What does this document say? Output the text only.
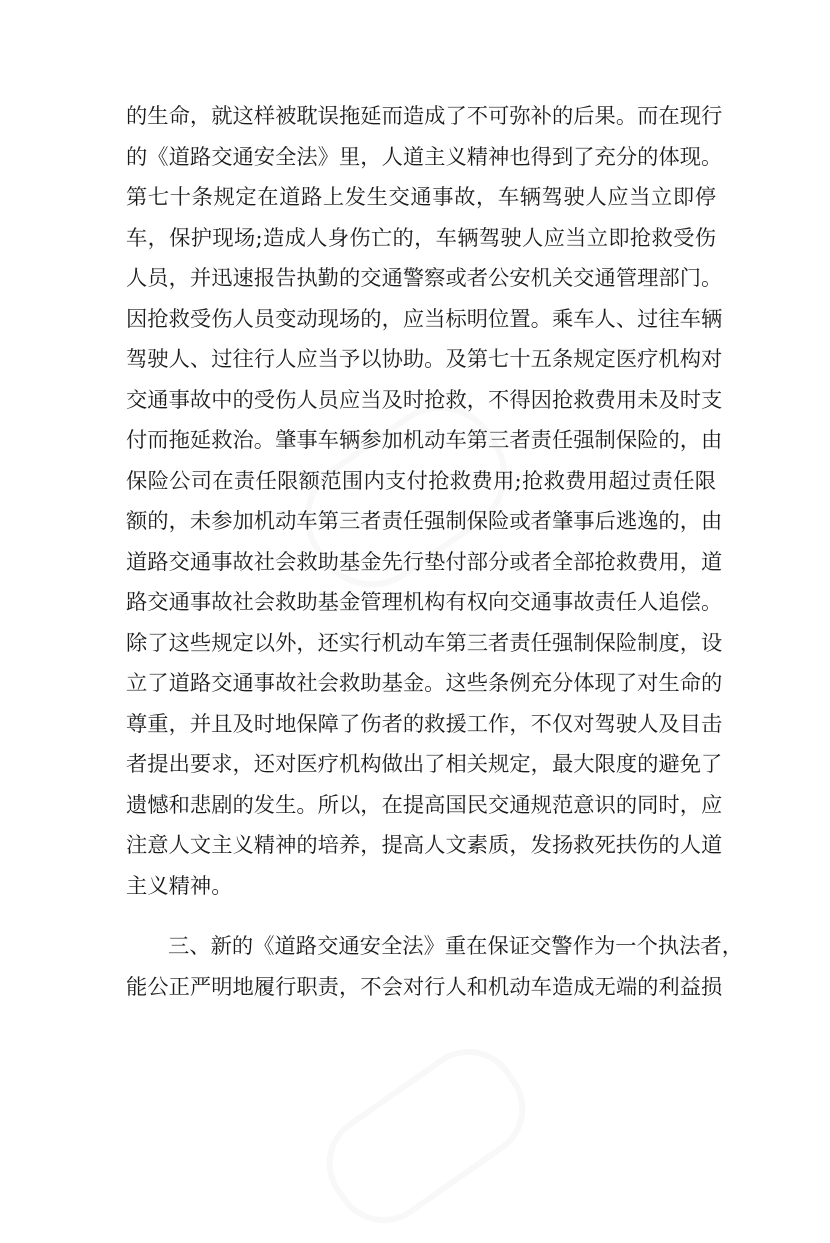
的生命，就这样被耽误拖延而造成了不可弥补的后果。而在现行
的《道路交通安全法》里，人道主义精神也得到了充分的体现。
第七十条规定在道路上发生交通事故，车辆驾驶人应当立即停
车，保护现场;造成人身伤亡的，车辆驾驶人应当立即抢救受伤
人员，并迅速报告执勤的交通警察或者公安机关交通管理部门。
因抢救受伤人员变动现场的，应当标明位置。乘车人、过往车辆
驾驶人、过往行人应当予以协助。及第七十五条规定医疗机构对
交通事故中的受伤人员应当及时抢救，不得因抢救费用未及时支
付而拖延救治。肇事车辆参加机动车第三者责任强制保险的，由
保险公司在责任限额范围内支付抢救费用;抢救费用超过责任限
额的，未参加机动车第三者责任强制保险或者肇事后逃逸的，由
道路交通事故社会救助基金先行垫付部分或者全部抢救费用，道
路交通事故社会救助基金管理机构有权向交通事故责任人追偿。
除了这些规定以外，还实行机动车第三者责任强制保险制度，设
立了道路交通事故社会救助基金。这些条例充分体现了对生命的
尊重，并且及时地保障了伤者的救援工作，不仅对驾驶人及目击
者提出要求，还对医疗机构做出了相关规定，最大限度的避免了
遗憾和悲剧的发生。所以，在提高国民交通规范意识的同时，应
注意人文主义精神的培养，提高人文素质，发扬救死扶伤的人道
主义精神。
三、新的《道路交通安全法》重在保证交警作为一个执法者，
能公正严明地履行职责，不会对行人和机动车造成无端的利益损
